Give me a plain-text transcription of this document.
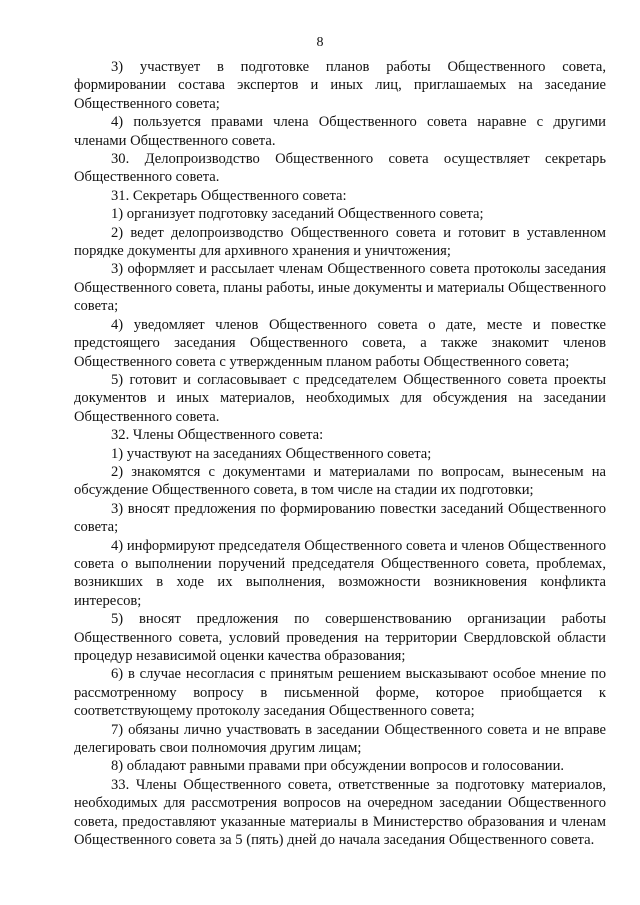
8

3) участвует в подготовке планов работы Общественного совета, формировании состава экспертов и иных лиц, приглашаемых на заседание Общественного совета;

4) пользуется правами члена Общественного совета наравне с другими членами Общественного совета.

30. Делопроизводство Общественного совета осуществляет секретарь Общественного совета.

31. Секретарь Общественного совета:

1) организует подготовку заседаний Общественного совета;

2) ведет делопроизводство Общественного совета и готовит в уставленном порядке документы для архивного хранения и уничтожения;

3) оформляет и рассылает членам Общественного совета протоколы заседания Общественного совета, планы работы, иные документы и материалы Общественного совета;

4) уведомляет членов Общественного совета о дате, месте и повестке предстоящего заседания Общественного совета, а также знакомит членов Общественного совета с утвержденным планом работы Общественного совета;

5) готовит и согласовывает с председателем Общественного совета проекты документов и иных материалов, необходимых для обсуждения на заседании Общественного совета.

32. Члены Общественного совета:

1) участвуют на заседаниях Общественного совета;

2) знакомятся с документами и материалами по вопросам, вынесеным на обсуждение Общественного совета, в том числе на стадии их подготовки;

3) вносят предложения по формированию повестки заседаний Общественного совета;

4) информируют председателя Общественного совета и членов Общественного совета о выполнении поручений председателя Общественного совета, проблемах, возникших в ходе их выполнения, возможности возникновения конфликта интересов;

5) вносят предложения по совершенствованию организации работы Общественного совета, условий проведения на территории Свердловской области процедур независимой оценки качества образования;

6) в случае несогласия с принятым решением высказывают особое мнение по рассмотренному вопросу в письменной форме, которое приобщается к соответствующему протоколу заседания Общественного совета;

7) обязаны лично участвовать в заседании Общественного совета и не вправе делегировать свои полномочия другим лицам;

8) обладают равными правами при обсуждении вопросов и голосовании.

33. Члены Общественного совета, ответственные за подготовку материалов, необходимых для рассмотрения вопросов на очередном заседании Общественного совета, предоставляют указанные материалы в Министерство образования и членам Общественного совета за 5 (пять) дней до начала заседания Общественного совета.
